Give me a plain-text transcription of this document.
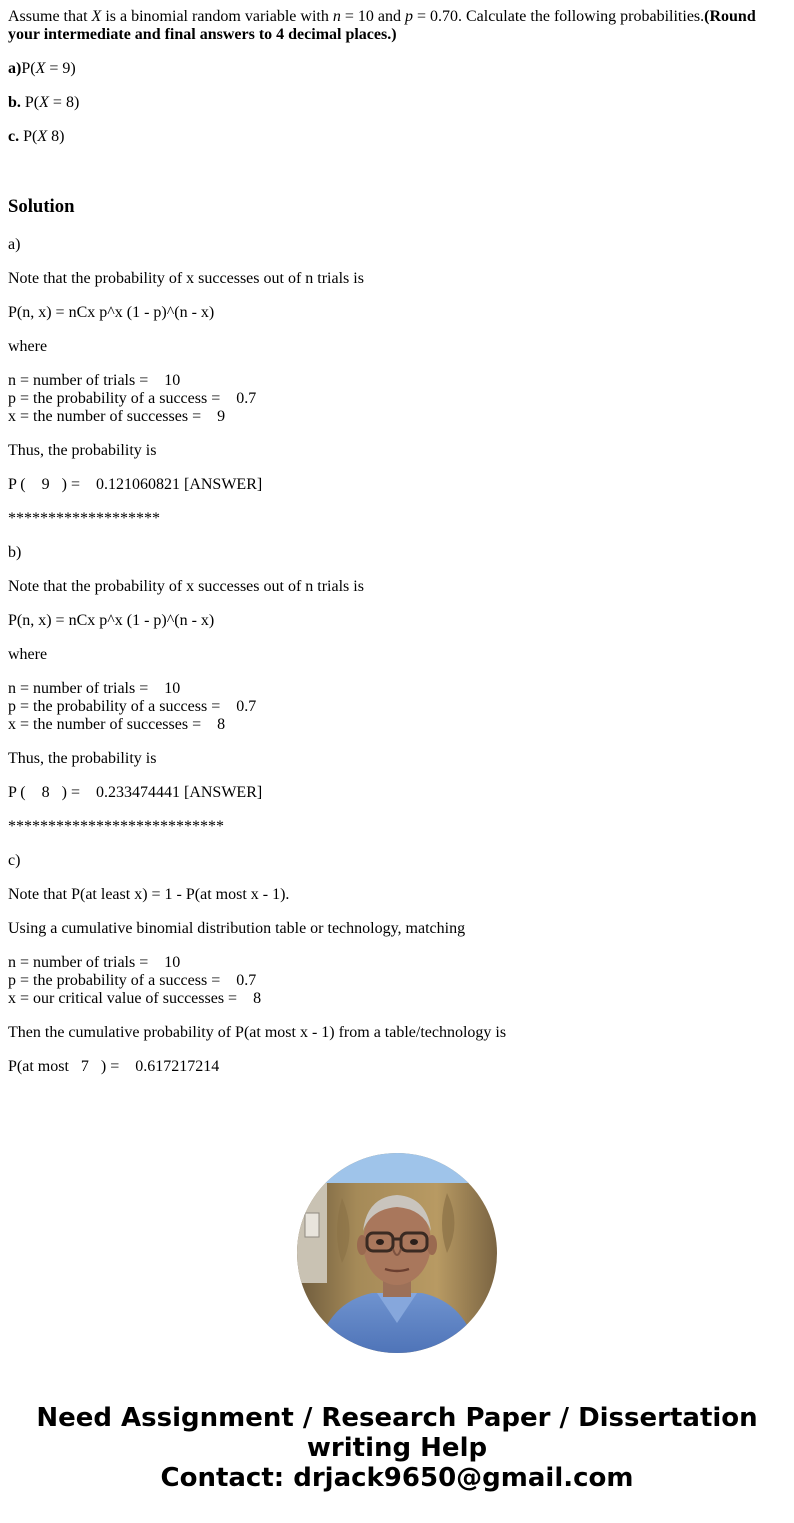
Assume that X is a binomial random variable with n = 10 and p = 0.70. Calculate the following probabilities.(Round your intermediate and final answers to 4 decimal places.)

a)P(X = 9)

b. P(X = 8)

c. P(X 8)

Solution

a)

Note that the probability of x successes out of n trials is

P(n, x) = nCx p^x (1 - p)^(n - x)

where

n = number of trials =    10
p = the probability of a success =    0.7
x = the number of successes =    9

Thus, the probability is

P (    9   ) =    0.121060821 [ANSWER]

*******************

b)

Note that the probability of x successes out of n trials is

P(n, x) = nCx p^x (1 - p)^(n - x)

where

n = number of trials =    10
p = the probability of a success =    0.7
x = the number of successes =    8

Thus, the probability is

P (    8   ) =    0.233474441 [ANSWER]

***************************

c)

Note that P(at least x) = 1 - P(at most x - 1).

Using a cumulative binomial distribution table or technology, matching

n = number of trials =    10
p = the probability of a success =    0.7
x = our critical value of successes =    8

Then the cumulative probability of P(at most x - 1) from a table/technology is

P(at most   7   ) =    0.617217214

Need Assignment / Research Paper / Dissertation
writing Help
Contact: drjack9650@gmail.com
